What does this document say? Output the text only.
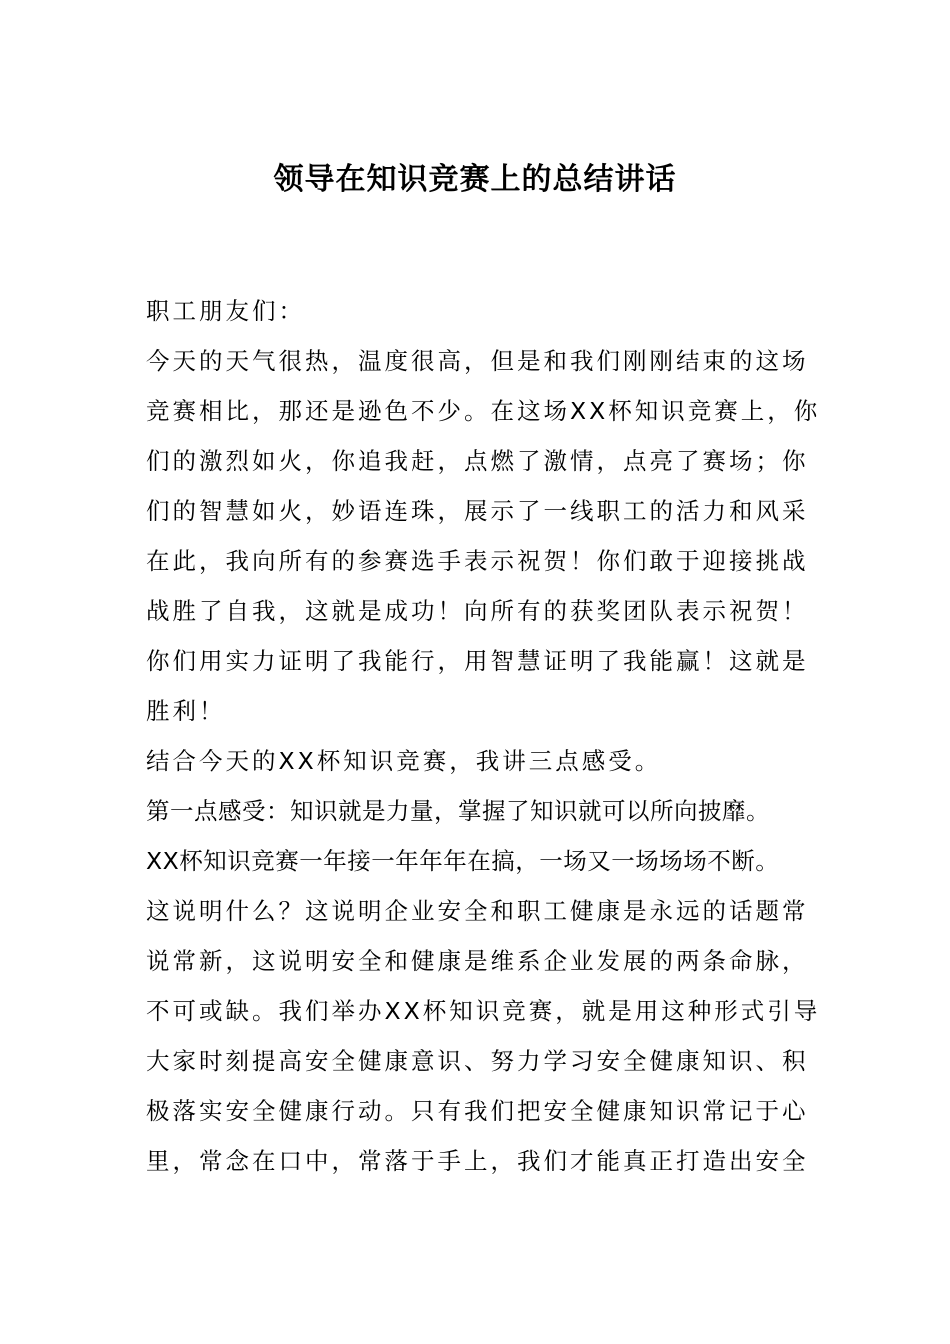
领导在知识竞赛上的总结讲话
职工朋友们：
今天的天气很热，温度很高，但是和我们刚刚结束的这场
竞赛相比，那还是逊色不少。在这场XX杯知识竞赛上，你
们的激烈如火，你追我赶，点燃了激情，点亮了赛场；你
们的智慧如火，妙语连珠，展示了一线职工的活力和风采
在此，我向所有的参赛选手表示祝贺！你们敢于迎接挑战
战胜了自我，这就是成功！向所有的获奖团队表示祝贺！
你们用实力证明了我能行，用智慧证明了我能赢！这就是
胜利！
结合今天的XX杯知识竞赛，我讲三点感受。
第一点感受：知识就是力量，掌握了知识就可以所向披靡。
XX杯知识竞赛一年接一年年年在搞，一场又一场场场不断。
这说明什么？这说明企业安全和职工健康是永远的话题常
说常新，这说明安全和健康是维系企业发展的两条命脉，
不可或缺。我们举办XX杯知识竞赛，就是用这种形式引导
大家时刻提高安全健康意识、努力学习安全健康知识、积
极落实安全健康行动。只有我们把安全健康知识常记于心
里，常念在口中，常落于手上，我们才能真正打造出安全
